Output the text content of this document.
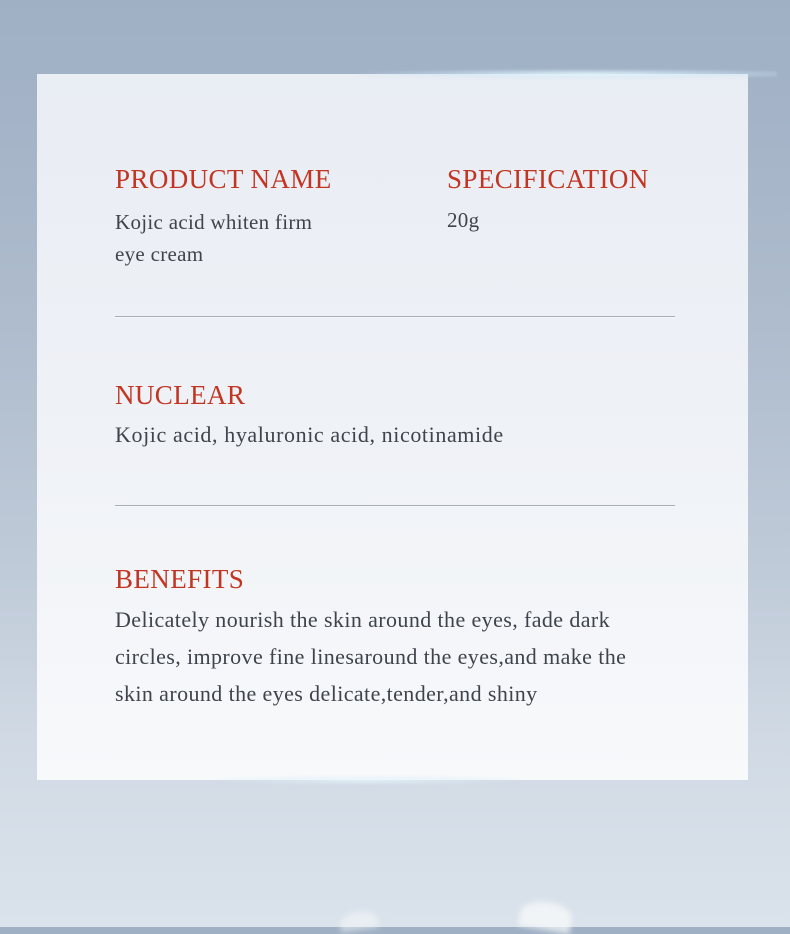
PRODUCT NAME	SPECIFICATION
Kojic acid whiten firm
eye cream
20g
NUCLEAR
Kojic acid, hyaluronic acid, nicotinamide
BENEFITS
Delicately nourish the skin around the eyes, fade dark
circles, improve fine linesaround the eyes,and make the
skin around the eyes delicate,tender,and shiny
